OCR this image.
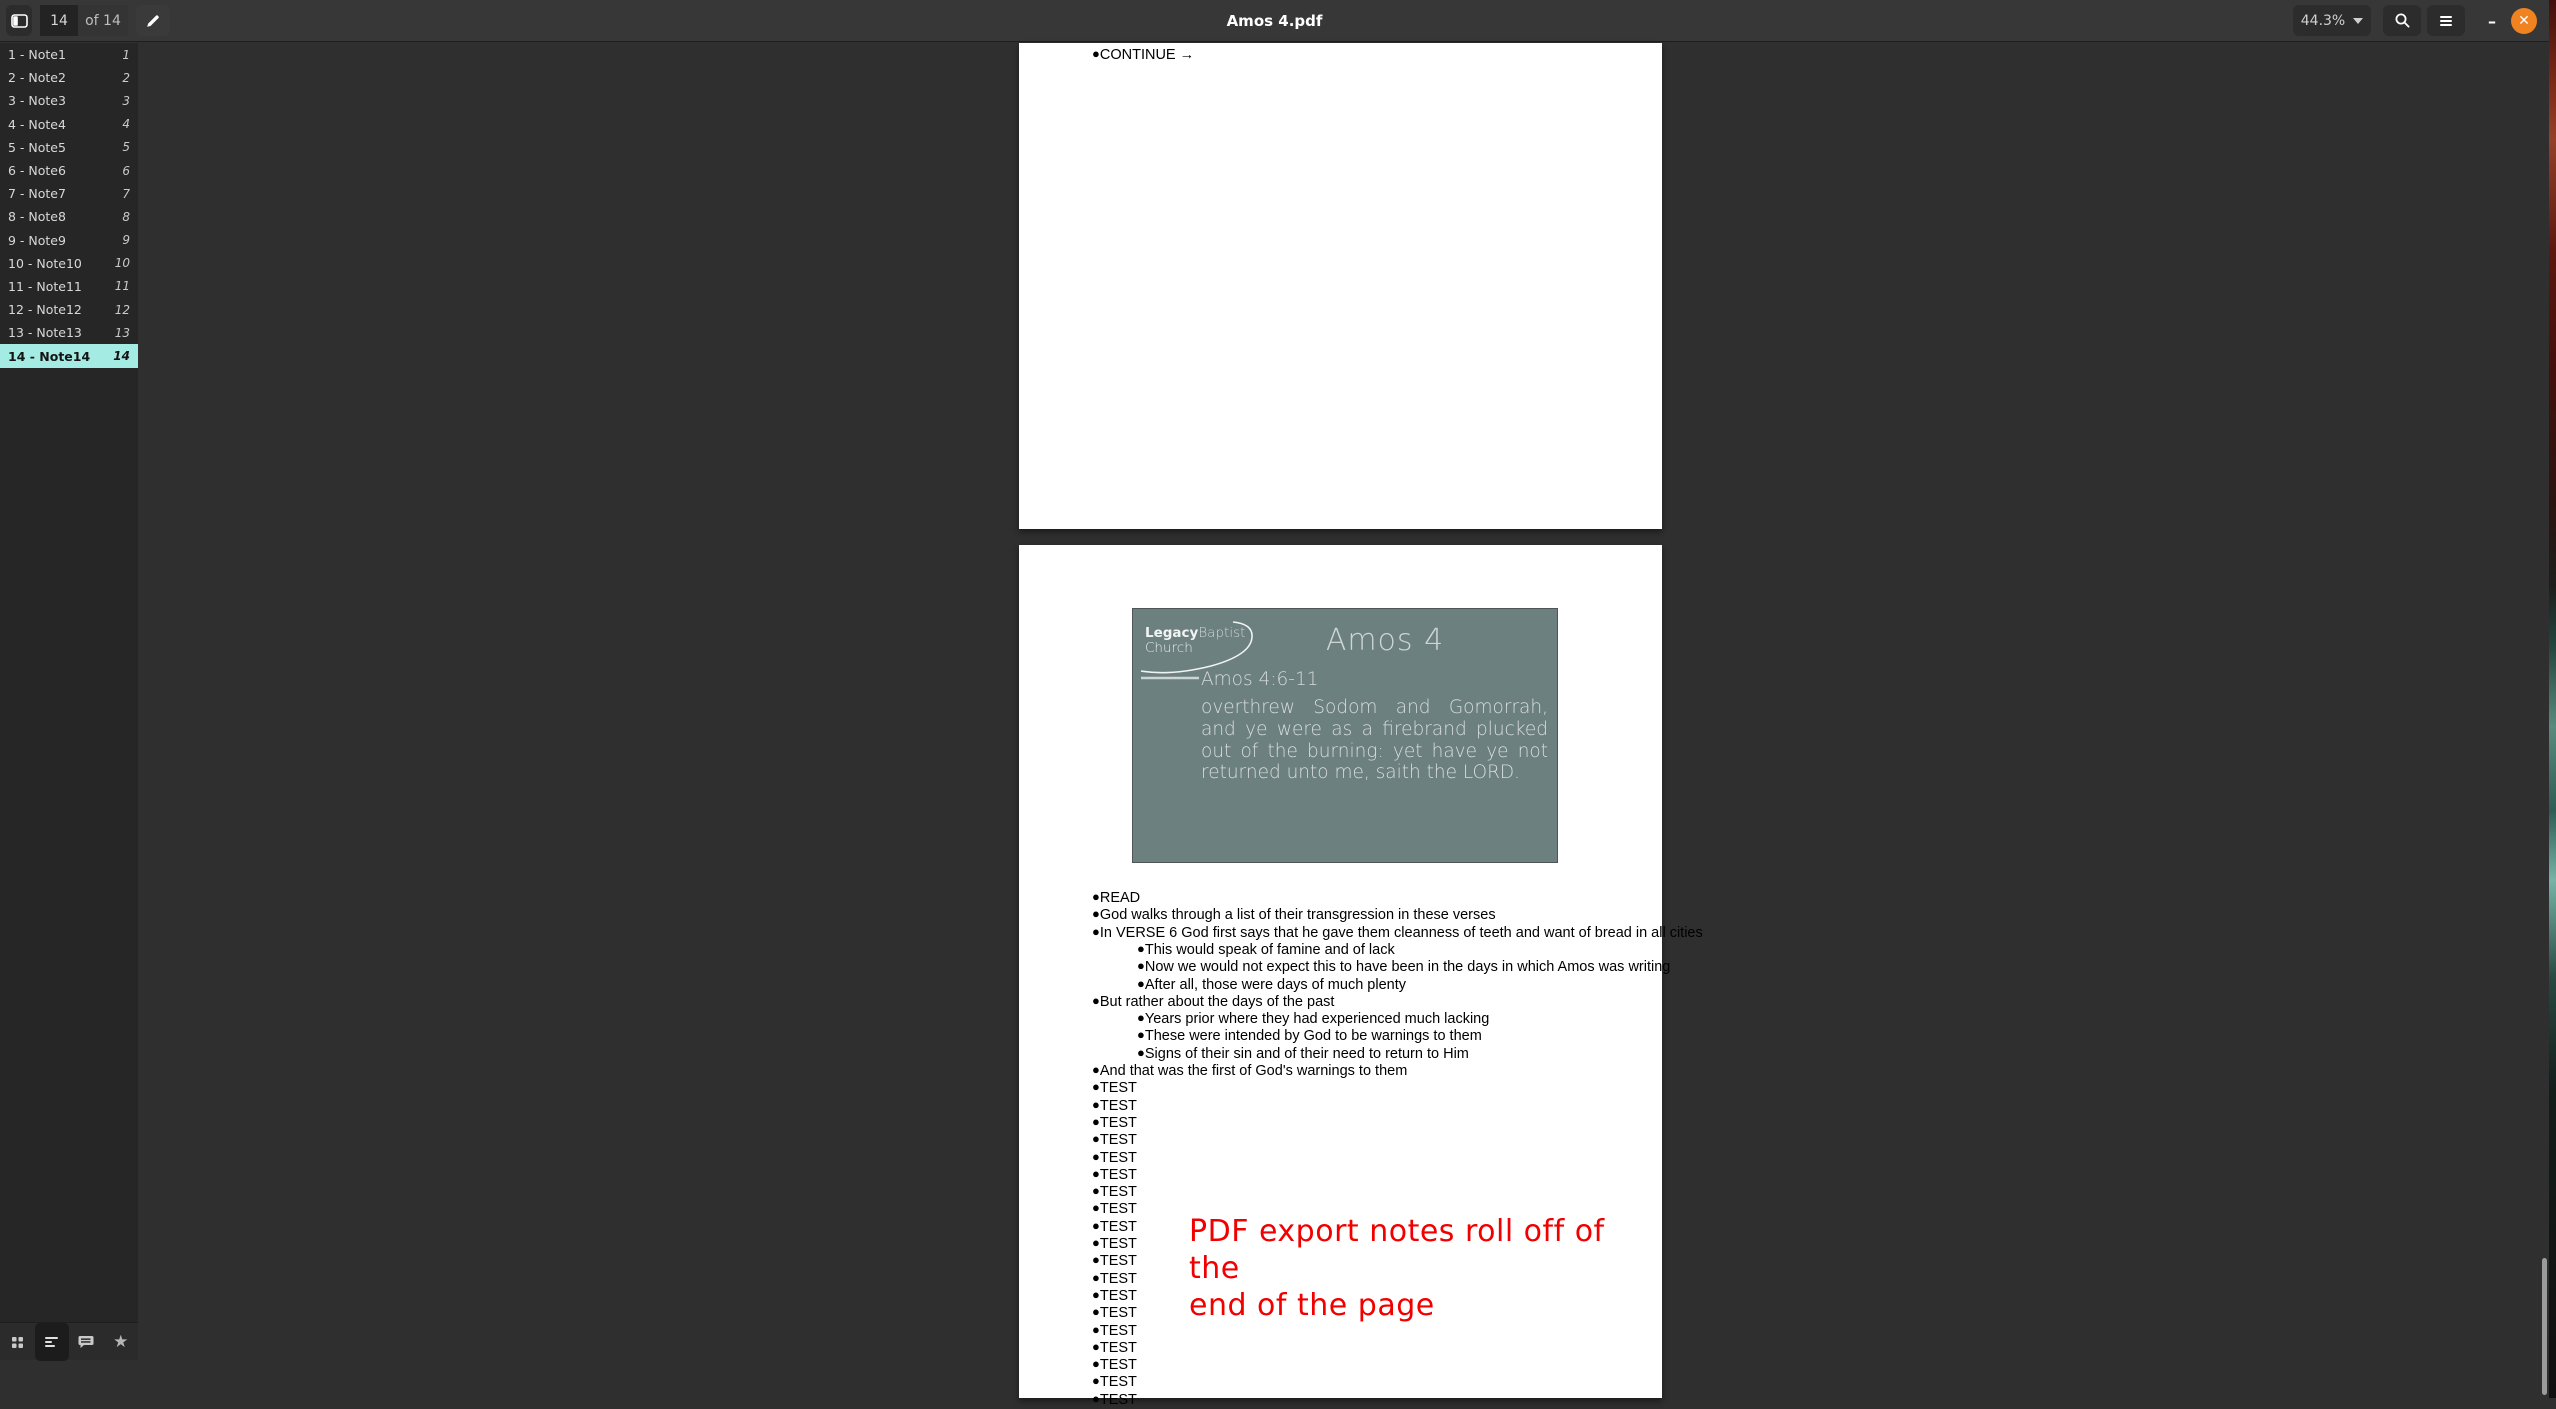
14	of 14	Amos 4.pdf	44.3%	–	✕
1 - Note1	1
2 - Note2	2
3 - Note3	3
4 - Note4	4
5 - Note5	5
6 - Note6	6
7 - Note7	7
8 - Note8	8
9 - Note9	9
10 - Note10	10
11 - Note11	11
12 - Note12	12
13 - Note13	13
14 - Note14	14
★
●CONTINUE →
LegacyBaptist
Church	Amos 4
Amos 4:6-11
overthrew Sodom and Gomorrah, and ye were as a firebrand plucked out of the burning: yet have ye not returned unto me, saith the LORD.
●READ
●God walks through a list of their transgression in these verses
●In VERSE 6 God first says that he gave them cleanness of teeth and want of bread in all cities
●This would speak of famine and of lack
●Now we would not expect this to have been in the days in which Amos was writing
●After all, those were days of much plenty
●But rather about the days of the past
●Years prior where they had experienced much lacking
●These were intended by God to be warnings to them
●Signs of their sin and of their need to return to Him
●And that was the first of God's warnings to them
●TEST
●TEST
●TEST
●TEST
●TEST
●TEST
●TEST
●TEST
●TEST
●TEST
●TEST
●TEST
●TEST
●TEST
●TEST
●TEST
●TEST
●TEST
●TEST
PDF export notes roll off of the
end of the page
